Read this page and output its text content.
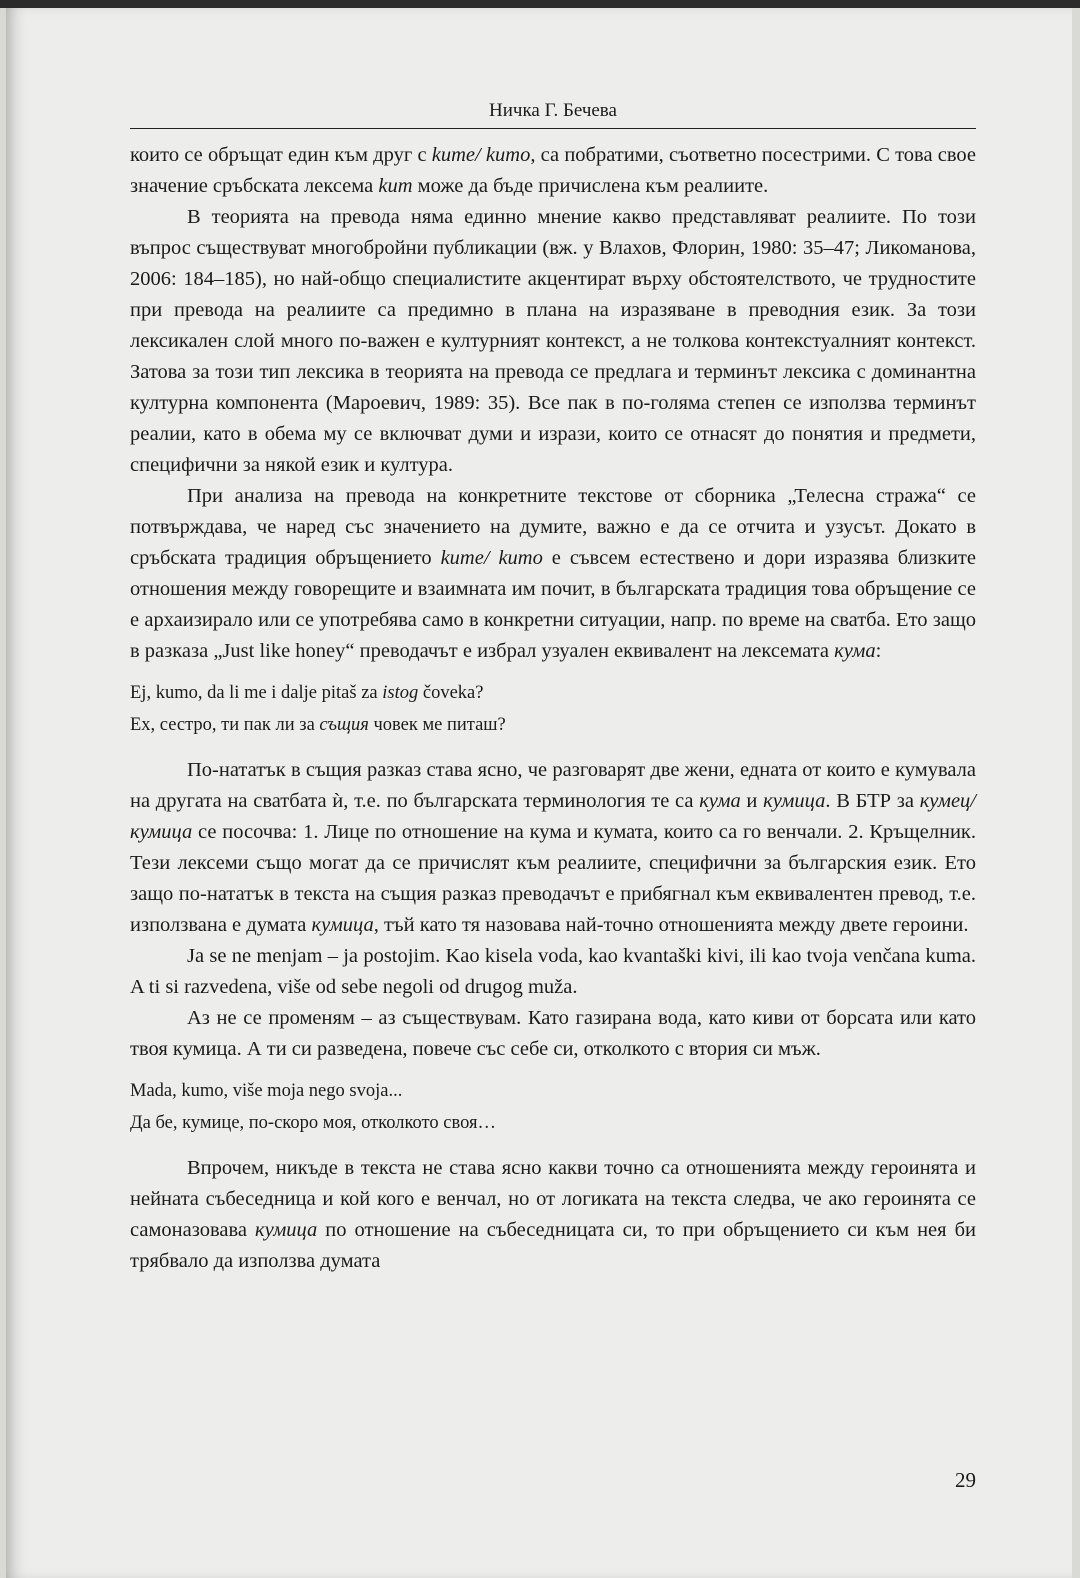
Ничка Г. Бечева

които се обръщат един към друг с kume/ kumo, са побратими, съответно посестрими. С това свое значение сръбската лексема kum може да бъде причислена към реалиите.

В теорията на превода няма единно мнение какво представляват реалиите. По този въпрос съществуват многобройни публикации (вж. у Влахов, Флорин, 1980: 35–47; Ликоманова, 2006: 184–185), но най-общо специалистите акцентират върху обстоятелството, че трудностите при превода на реалиите са предимно в плана на изразяване в преводния език. За този лексикален слой много по-важен е културният контекст, а не толкова контекстуалният контекст. Затова за този тип лексика в теорията на превода се предлага и терминът лексика с доминантна културна компонента (Мароевич, 1989: 35). Все пак в по-голяма степен се използва терминът реалии, като в обема му се включват думи и изрази, които се отнасят до понятия и предмети, специфични за някой език и култура.

При анализа на превода на конкретните текстове от сборника „Телесна стража“ се потвърждава, че наред със значението на думите, важно е да се отчита и узусът. Докато в сръбската традиция обръщението kume/ kumo е съвсем естествено и дори изразява близките отношения между говорещите и взаимната им почит, в българската традиция това обръщение се е архаизирало или се употребява само в конкретни ситуации, напр. по време на сватба. Ето защо в разказа „Just like honey“ преводачът е избрал узуален еквивалент на лексемата кума:

Ej, kumo, da li me i dalje pitaš za istog čoveka?

Ех, сестро, ти пак ли за същия човек ме питаш?

По-нататък в същия разказ става ясно, че разговарят две жени, едната от които е кумувала на другата на сватбата ѝ, т.е. по българската терминология те са кума и кумица. В БТР за кумец/ кумица се посочва: 1. Лице по отношение на кума и кумата, които са го венчали. 2. Кръщелник. Тези лексеми също могат да се причислят към реалиите, специфични за българския език. Ето защо по-нататък в текста на същия разказ преводачът е прибягнал към еквивалентен превод, т.е. използвана е думата кумица, тъй като тя назовава най-точно отношенията между двете героини.

Ja se ne menjam – ja postojim. Kao kisela voda, kao kvantaški kivi, ili kao tvoja venčana kuma. A ti si razvedena, više od sebe negoli od drugog muža.

Аз не се променям – аз съществувам. Като газирана вода, като киви от борсата или като твоя кумица. А ти си разведена, повече със себе си, отколкото с втория си мъж.

Mada, kumo, više moja nego svoja...

Да бе, кумице, по-скоро моя, отколкото своя…

Впрочем, никъде в текста не става ясно какви точно са отношенията между героинята и нейната събеседница и кой кого е венчал, но от логиката на текста следва, че ако героинята се самоназовава кумица по отношение на събеседницата си, то при обръщението си към нея би трябвало да използва думата

29
